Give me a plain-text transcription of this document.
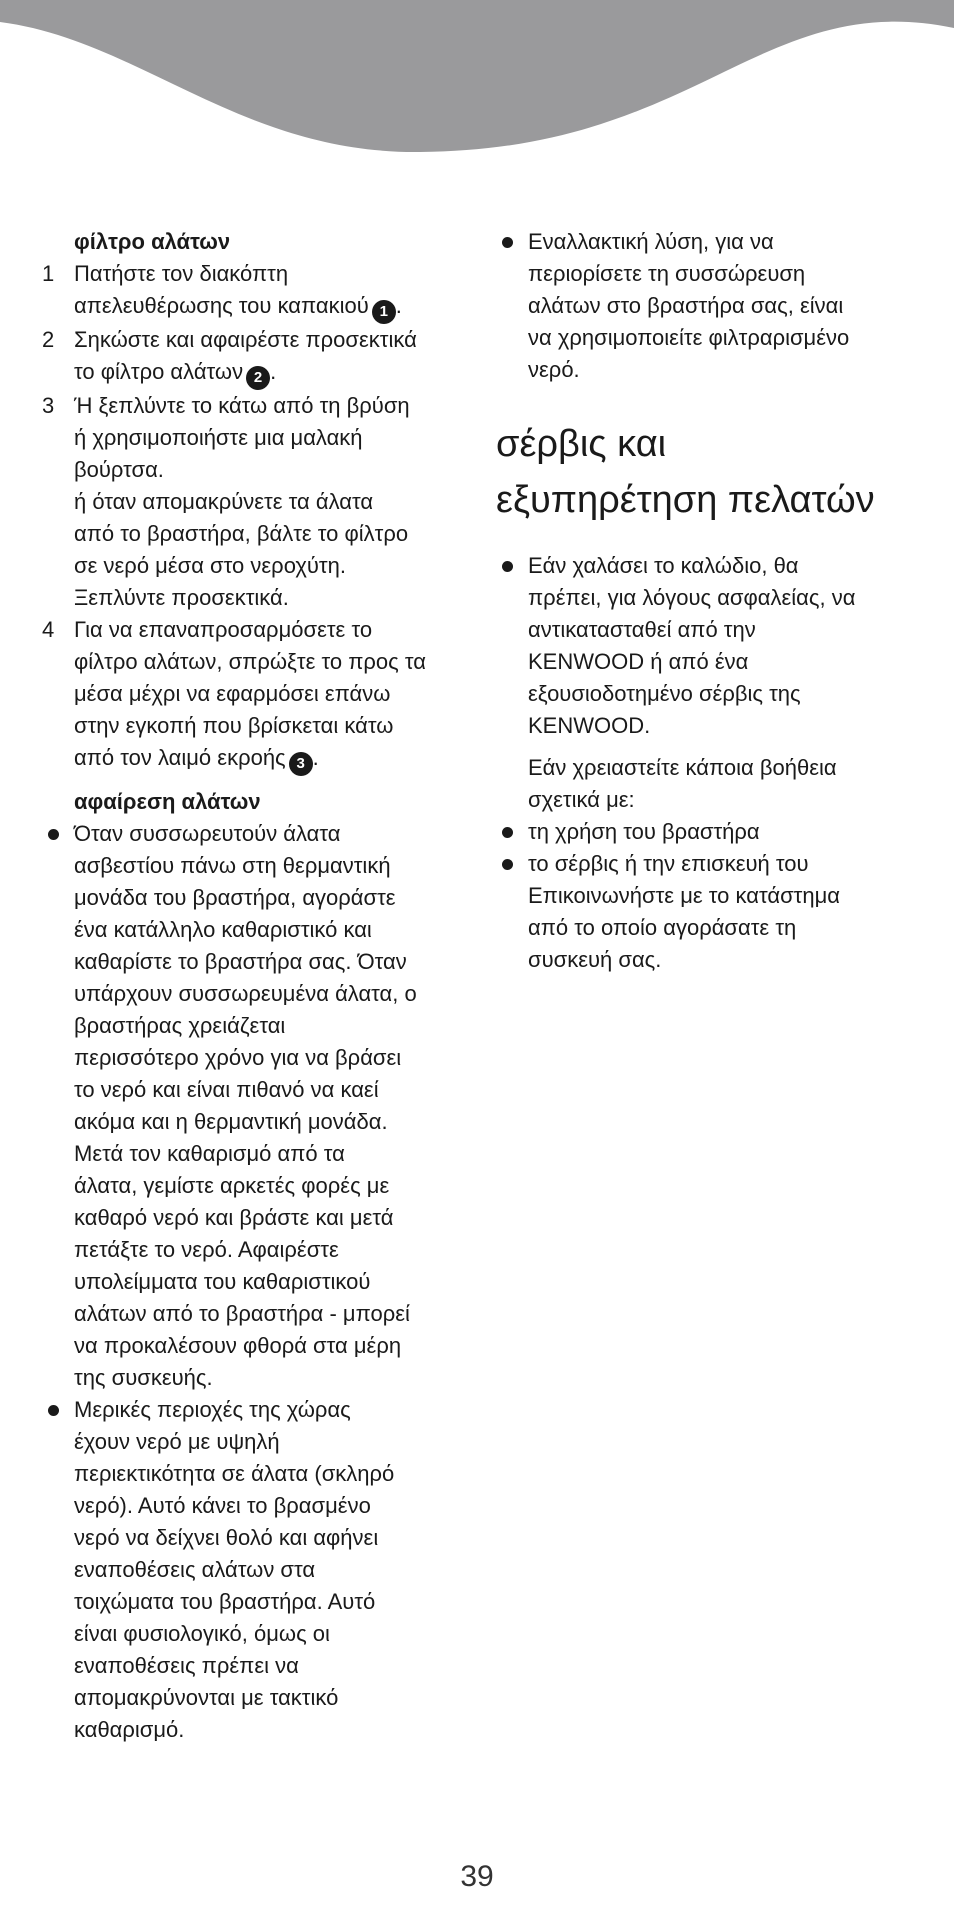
φίλτρο αλάτων
1 Πατήστε τον διακόπτη
απελευθέρωσης του καπακιού 1 .
2 Σηκώστε και αφαιρέστε προσεκτικά
το φίλτρο αλάτων 2 .
3 Ή ξεπλύντε το κάτω από τη βρύση
ή χρησιμοποιήστε μια μαλακή
βούρτσα.
ή όταν απομακρύνετε τα άλατα
από το βραστήρα, βάλτε το φίλτρο
σε νερό μέσα στο νεροχύτη.
Ξεπλύντε προσεκτικά.
4 Για να επαναπροσαρμόσετε το
φίλτρο αλάτων, σπρώξτε το προς τα
μέσα μέχρι να εφαρμόσει επάνω
στην εγκοπή που βρίσκεται κάτω
από τον λαιμό εκροής 3 .
αφαίρεση αλάτων
Όταν συσσωρευτούν άλατα
ασβεστίου πάνω στη θερμαντική
μονάδα του βραστήρα, αγοράστε
ένα κατάλληλο καθαριστικό και
καθαρίστε το βραστήρα σας. Όταν
υπάρχουν συσσωρευμένα άλατα, ο
βραστήρας χρειάζεται
περισσότερο χρόνο για να βράσει
το νερό και είναι πιθανό να καεί
ακόμα και η θερμαντική μονάδα.
Μετά τον καθαρισμό από τα
άλατα, γεμίστε αρκετές φορές με
καθαρό νερό και βράστε και μετά
πετάξτε το νερό. Αφαιρέστε
υπολείμματα του καθαριστικού
αλάτων από το βραστήρα - μπορεί
να προκαλέσουν φθορά στα μέρη
της συσκευής.
Μερικές περιοχές της χώρας
έχουν νερό με υψηλή
περιεκτικότητα σε άλατα (σκληρό
νερό). Αυτό κάνει το βρασμένο
νερό να δείχνει θολό και αφήνει
εναποθέσεις αλάτων στα
τοιχώματα του βραστήρα. Αυτό
είναι φυσιολογικό, όμως οι
εναποθέσεις πρέπει να
απομακρύνονται με τακτικό
καθαρισμό.
Εναλλακτική λύση, για να
περιορίσετε τη συσσώρευση
αλάτων στο βραστήρα σας, είναι
να χρησιμοποιείτε φιλτραρισμένο
νερό.
σέρβις και
εξυπηρέτηση πελατών
Εάν χαλάσει το καλώδιο, θα
πρέπει, για λόγους ασφαλείας, να
αντικατασταθεί από την
KENWOOD ή από ένα
εξουσιοδοτημένο σέρβις της
KENWOOD.
Εάν χρειαστείτε κάποια βοήθεια
σχετικά με:
τη χρήση του βραστήρα
το σέρβις ή την επισκευή του
Επικοινωνήστε με το κατάστημα
από το οποίο αγοράσατε τη
συσκευή σας.
39
